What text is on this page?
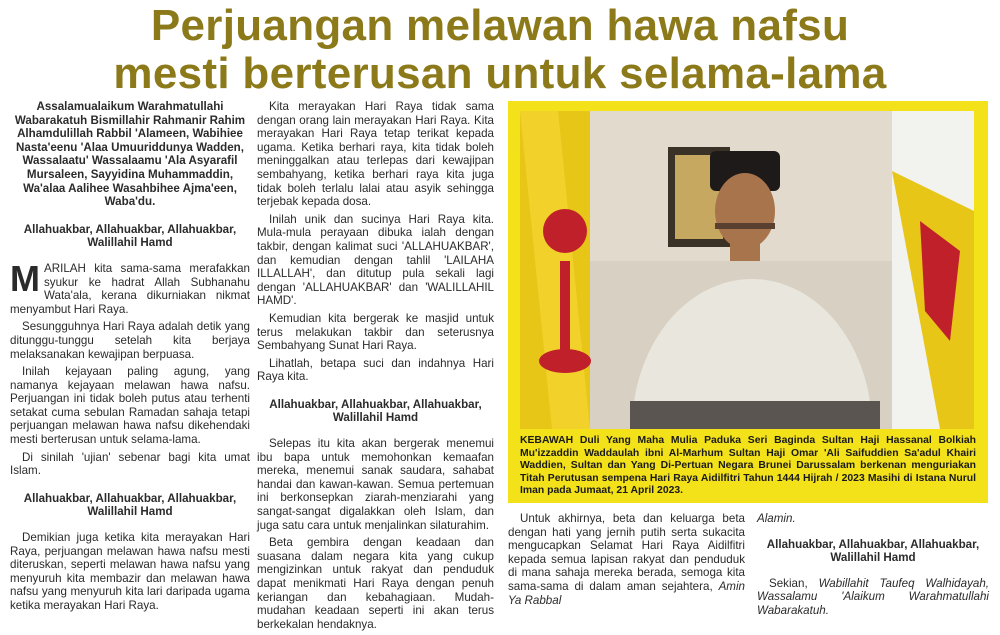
Perjuangan melawan hawa nafsu
mesti berterusan untuk selama-lama
Assalamualaikum Warahmatullahi Wabarakatuh Bismillahir Rahmanir Rahim Alhamdulillah Rabbil 'Alameen, Wabihiee Nasta'eenu 'Alaa Umuuriddunya Wadden, Wassalaatu' Wassalaamu 'Ala Asyarafil Mursaleen, Sayyidina Muhammaddin, Wa'alaa Aalihee Wasahbihee Ajma'een, Waba'du.
Allahuakbar, Allahuakbar, Allahuakbar, Walillahil Hamd

MARILAH kita sama-sama merafakkan syukur ke hadrat Allah Subhanahu Wata'ala, kerana dikurniakan nikmat menyambut Hari Raya.

Sesungguhnya Hari Raya adalah detik yang ditunggu-tunggu setelah kita berjaya melaksanakan kewajipan berpuasa.

Inilah kejayaan paling agung, yang namanya kejayaan melawan hawa nafsu. Perjuangan ini tidak boleh putus atau terhenti setakat cuma sebulan Ramadan sahaja tetapi perjuangan melawan hawa nafsu dikehendaki mesti berterusan untuk selama-lama.

Di sinilah 'ujian' sebenar bagi kita umat Islam.

Allahuakbar, Allahuakbar, Allahuakbar, Walillahil Hamd

Demikian juga ketika kita merayakan Hari Raya, perjuangan melawan hawa nafsu mesti diteruskan, seperti melawan hawa nafsu yang menyuruh kita membazir dan melawan hawa nafsu yang menyuruh kita lari daripada ugama ketika merayakan Hari Raya.

Kita merayakan Hari Raya tidak sama dengan orang lain merayakan Hari Raya. Kita merayakan Hari Raya tetap terikat kepada ugama. Ketika berhari raya, kita tidak boleh meninggalkan atau terlepas dari kewajipan sembahyang, ketika berhari raya kita juga tidak boleh terlalu lalai atau asyik sehingga terjebak kepada dosa.

Inilah unik dan sucinya Hari Raya kita. Mula-mula perayaan dibuka ialah dengan takbir, dengan kalimat suci 'ALLAHUAKBAR', dan kemudian dengan tahlil 'LAILAHA ILLALLAH', dan ditutup pula sekali lagi dengan 'ALLAHUAKBAR' dan 'WALILLAHIL HAMD'.

Kemudian kita bergerak ke masjid untuk terus melakukan takbir dan seterusnya Sembahyang Sunat Hari Raya.

Lihatlah, betapa suci dan indahnya Hari Raya kita.

Allahuakbar, Allahuakbar, Allahuakbar, Walillahil Hamd

Selepas itu kita akan bergerak menemui ibu bapa untuk memohonkan kemaafan mereka, menemui sanak saudara, sahabat handai dan kawan-kawan. Semua pertemuan ini berkonsepkan ziarah-menziarahi yang sangat-sangat digalakkan oleh Islam, dan juga satu cara untuk menjalinkan silaturahim.

Beta gembira dengan keadaan dan suasana dalam negara kita yang cukup mengizinkan untuk rakyat dan penduduk dapat menikmati Hari Raya dengan penuh keriangan dan kebahagiaan. Mudah-mudahan keadaan seperti ini akan terus berkekalan hendaknya.

KEBAWAH Duli Yang Maha Mulia Paduka Seri Baginda Sultan Haji Hassanal Bolkiah Mu'izzaddin Waddaulah ibni Al-Marhum Sultan Haji Omar 'Ali Saifuddien Sa'adul Khairi Waddien, Sultan dan Yang Di-Pertuan Negara Brunei Darussalam berkenan menguriakan Titah Perutusan sempena Hari Raya Aidilfitri Tahun 1444 Hijrah / 2023 Masihi di Istana Nurul Iman pada Jumaat, 21 April 2023.

Untuk akhirnya, beta dan keluarga beta dengan hati yang jernih putih serta sukacita mengucapkan Selamat Hari Raya Aidilfitri kepada semua lapisan rakyat dan penduduk di mana sahaja mereka berada, semoga kita sama-sama di dalam aman sejahtera, Amin Ya Rabbal

Alamin.

Allahuakbar, Allahuakbar, Allahuakbar, Walillahil Hamd

Sekian, Wabillahit Taufeq Walhidayah, Wassalamu 'Alaikum Warahmatullahi Wabarakatuh.
